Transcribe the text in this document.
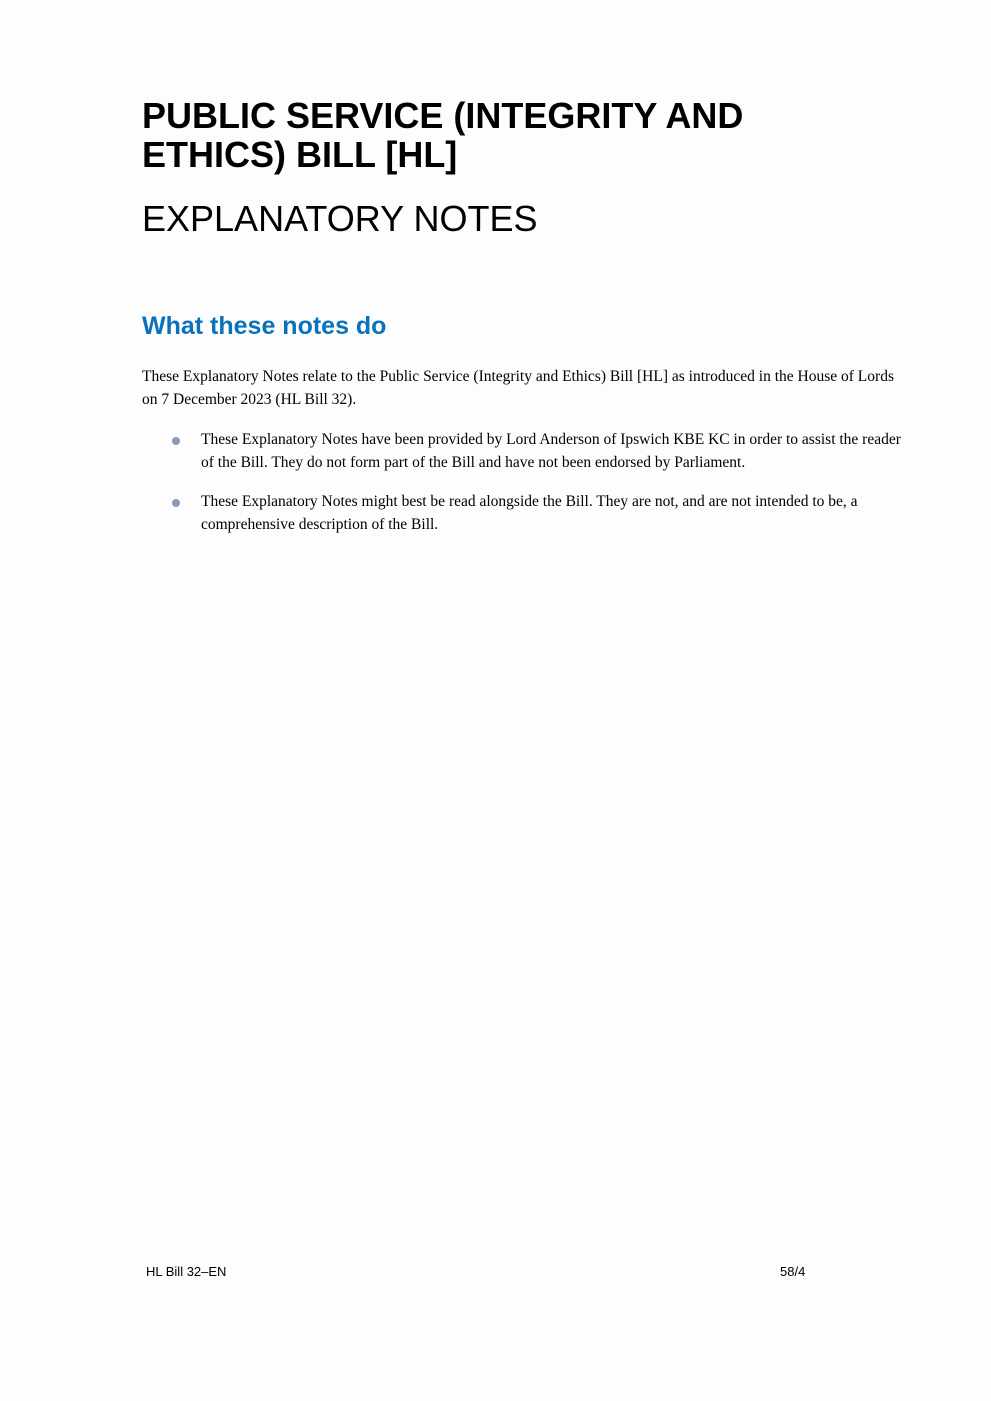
PUBLIC SERVICE (INTEGRITY AND ETHICS) BILL [HL]
EXPLANATORY NOTES
What these notes do

These Explanatory Notes relate to the Public Service (Integrity and Ethics) Bill [HL] as introduced in the House of Lords on 7 December 2023 (HL Bill 32).

These Explanatory Notes have been provided by Lord Anderson of Ipswich KBE KC in order to assist the reader of the Bill. They do not form part of the Bill and have not been endorsed by Parliament.
These Explanatory Notes might best be read alongside the Bill. They are not, and are not intended to be, a comprehensive description of the Bill.
HL Bill 32–EN	58/4
